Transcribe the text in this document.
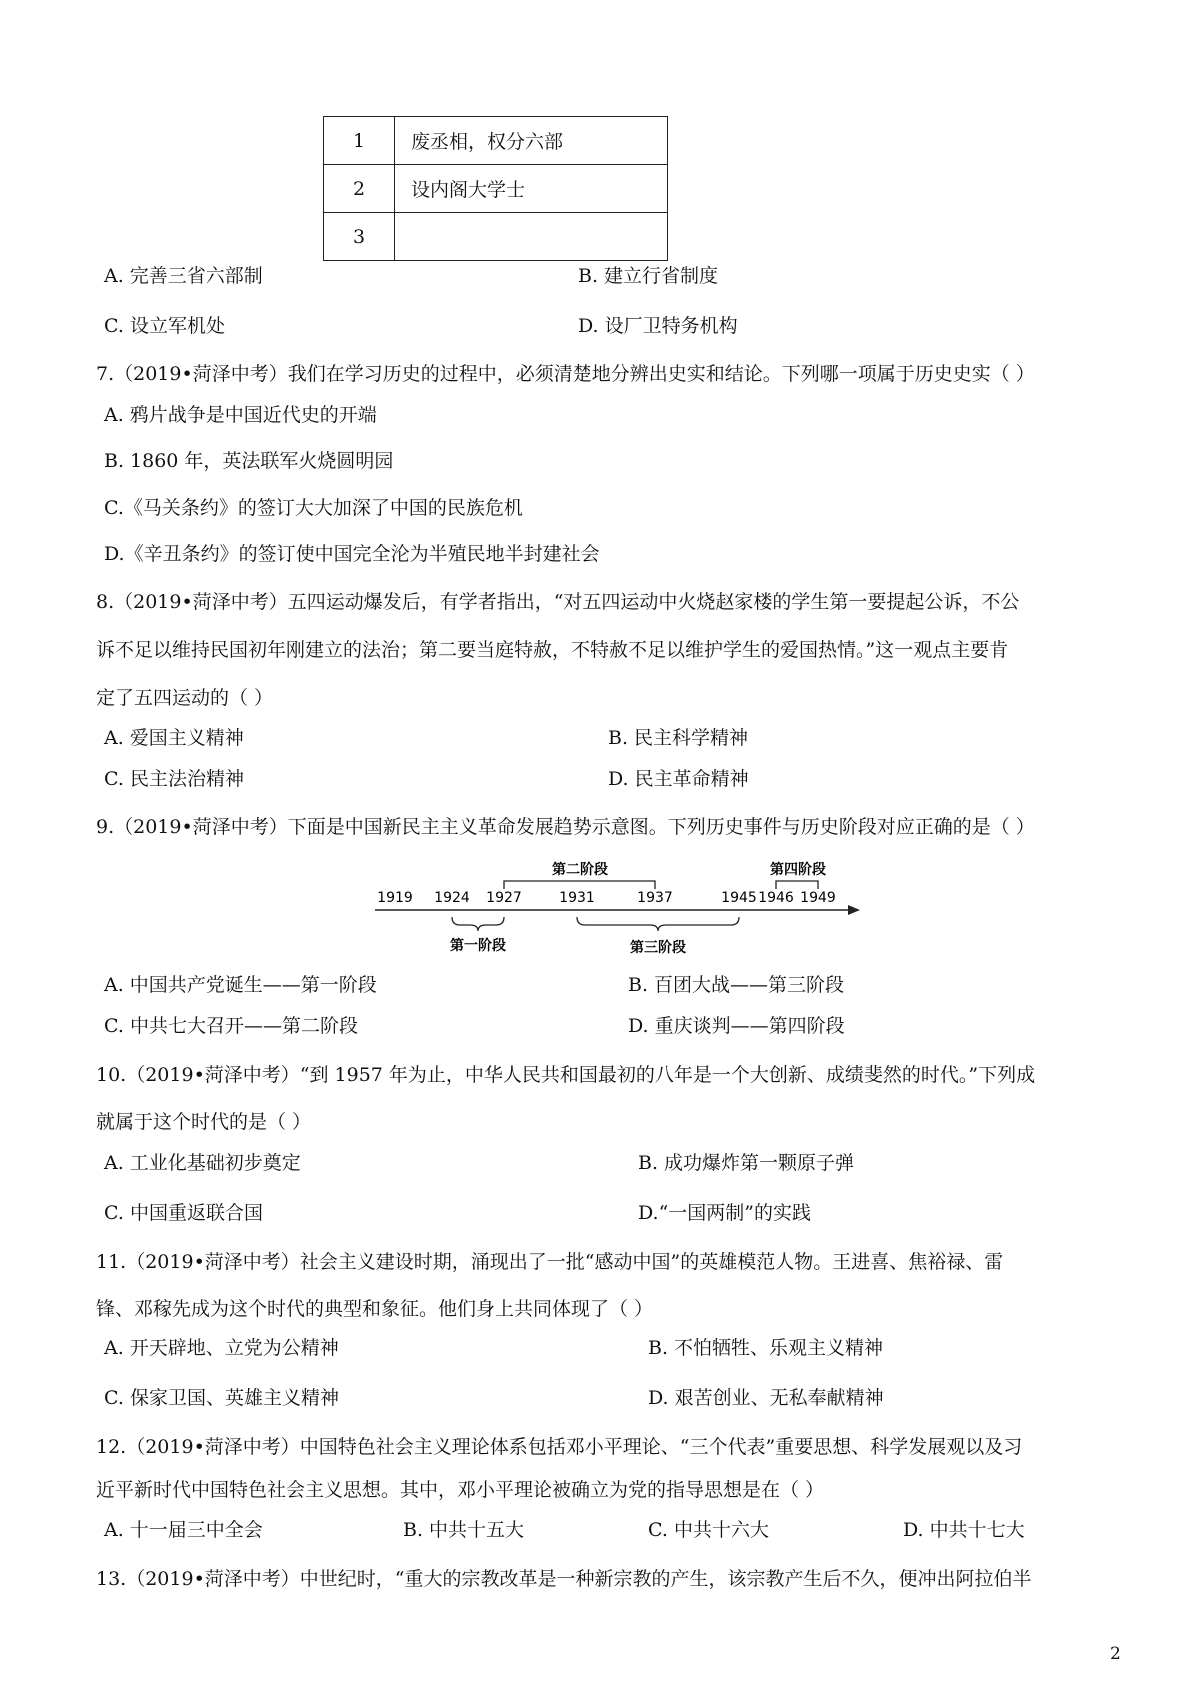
1	废丞相，权分六部
2	设内阁大学士
3	
A. 完善三省六部制	B. 建立行省制度
C. 设立军机处	D. 设厂卫特务机构
7.（2019•菏泽中考）我们在学习历史的过程中，必须清楚地分辨出史实和结论。下列哪一项属于历史史实（ ）
A. 鸦片战争是中国近代史的开端
B. 1860 年，英法联军火烧圆明园
C.《马关条约》的签订大大加深了中国的民族危机
D.《辛丑条约》的签订使中国完全沦为半殖民地半封建社会
8.（2019•菏泽中考）五四运动爆发后，有学者指出，“对五四运动中火烧赵家楼的学生第一要提起公诉，不公
诉不足以维持民国初年刚建立的法治；第二要当庭特赦，不特赦不足以维护学生的爱国热情。”这一观点主要肯
定了五四运动的（ ）
A. 爱国主义精神	B. 民主科学精神
C. 民主法治精神	D. 民主革命精神
9.（2019•菏泽中考）下面是中国新民主主义革命发展趋势示意图。下列历史事件与历史阶段对应正确的是（ ）
1919 1924 1927	1931	1937	1945 1946 1949
第二阶段	第四阶段
第一阶段	第三阶段
A. 中国共产党诞生——第一阶段	B. 百团大战——第三阶段
C. 中共七大召开——第二阶段	D. 重庆谈判——第四阶段
10.（2019•菏泽中考）“到 1957 年为止，中华人民共和国最初的八年是一个大创新、成绩斐然的时代。”下列成
就属于这个时代的是（ ）
A. 工业化基础初步奠定	B. 成功爆炸第一颗原子弹
C. 中国重返联合国	D.“一国两制”的实践
11.（2019•菏泽中考）社会主义建设时期，涌现出了一批“感动中国”的英雄模范人物。王进喜、焦裕禄、雷
锋、邓稼先成为这个时代的典型和象征。他们身上共同体现了（ ）
A. 开天辟地、立党为公精神	B. 不怕牺牲、乐观主义精神
C. 保家卫国、英雄主义精神	D. 艰苦创业、无私奉献精神
12.（2019•菏泽中考）中国特色社会主义理论体系包括邓小平理论、“三个代表”重要思想、科学发展观以及习
近平新时代中国特色社会主义思想。其中，邓小平理论被确立为党的指导思想是在（ ）
A. 十一届三中全会	B. 中共十五大	C. 中共十六大	D. 中共十七大
13.（2019•菏泽中考）中世纪时，“重大的宗教改革是一种新宗教的产生，该宗教产生后不久，便冲出阿拉伯半
2
